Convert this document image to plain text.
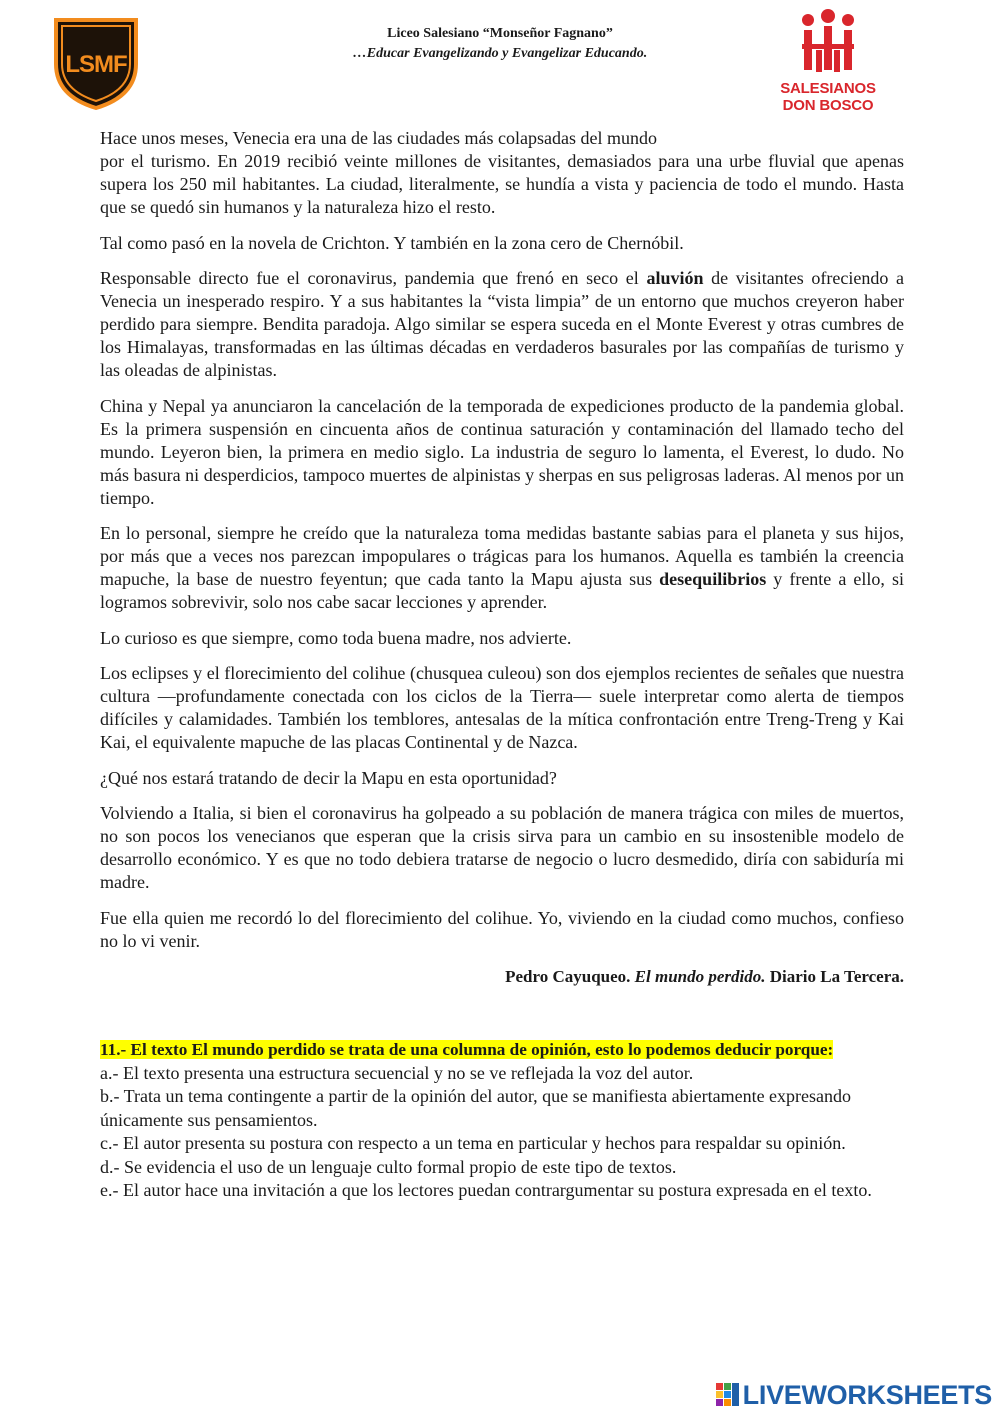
LSMF
Liceo Salesiano “Monseñor Fagnano”
…Educar Evangelizando y Evangelizar Educando.
SALESIANOS
DON BOSCO

Hace unos meses, Venecia era una de las ciudades más colapsadas del mundo
por el turismo. En 2019 recibió veinte millones de visitantes, demasiados para una urbe fluvial que apenas supera los 250 mil habitantes. La ciudad, literalmente, se hundía a vista y paciencia de todo el mundo. Hasta que se quedó sin humanos y la naturaleza hizo el resto.

Tal como pasó en la novela de Crichton. Y también en la zona cero de Chernóbil.

Responsable directo fue el coronavirus, pandemia que frenó en seco el aluvión de visitantes ofreciendo a Venecia un inesperado respiro. Y a sus habitantes la “vista limpia” de un entorno que muchos creyeron haber perdido para siempre. Bendita paradoja. Algo similar se espera suceda en el Monte Everest y otras cumbres de los Himalayas, transformadas en las últimas décadas en verdaderos basurales por las compañías de turismo y las oleadas de alpinistas.

China y Nepal ya anunciaron la cancelación de la temporada de expediciones producto de la pandemia global. Es la primera suspensión en cincuenta años de continua saturación y contaminación del llamado techo del mundo. Leyeron bien, la primera en medio siglo. La industria de seguro lo lamenta, el Everest, lo dudo. No más basura ni desperdicios, tampoco muertes de alpinistas y sherpas en sus peligrosas laderas. Al menos por un tiempo.

En lo personal, siempre he creído que la naturaleza toma medidas bastante sabias para el planeta y sus hijos, por más que a veces nos parezcan impopulares o trágicas para los humanos. Aquella es también la creencia mapuche, la base de nuestro feyentun; que cada tanto la Mapu ajusta sus desequilibrios y frente a ello, si logramos sobrevivir, solo nos cabe sacar lecciones y aprender.

Lo curioso es que siempre, como toda buena madre, nos advierte.

Los eclipses y el florecimiento del colihue (chusquea culeou) son dos ejemplos recientes de señales que nuestra cultura —profundamente conectada con los ciclos de la Tierra— suele interpretar como alerta de tiempos difíciles y calamidades. También los temblores, antesalas de la mítica confrontación entre Treng-Treng y Kai Kai, el equivalente mapuche de las placas Continental y de Nazca.

¿Qué nos estará tratando de decir la Mapu en esta oportunidad?

Volviendo a Italia, si bien el coronavirus ha golpeado a su población de manera trágica con miles de muertos, no son pocos los venecianos que esperan que la crisis sirva para un cambio en su insostenible modelo de desarrollo económico. Y es que no todo debiera tratarse de negocio o lucro desmedido, diría con sabiduría mi madre.

Fue ella quien me recordó lo del florecimiento del colihue. Yo, viviendo en la ciudad como muchos, confieso no lo vi venir.

Pedro Cayuqueo. El mundo perdido. Diario La Tercera.
11.- El texto El mundo perdido se trata de una columna de opinión, esto lo podemos deducir porque:

a.- El texto presenta una estructura secuencial y no se ve reflejada la voz del autor.

b.- Trata un tema contingente a partir de la opinión del autor, que se manifiesta abiertamente expresando únicamente sus pensamientos.

c.- El autor presenta su postura con respecto a un tema en particular y hechos para respaldar su opinión.

d.- Se evidencia el uso de un lenguaje culto formal propio de este tipo de textos.

e.- El autor hace una invitación a que los lectores puedan contrargumentar su postura expresada en el texto.

LIVEWORKSHEETS
